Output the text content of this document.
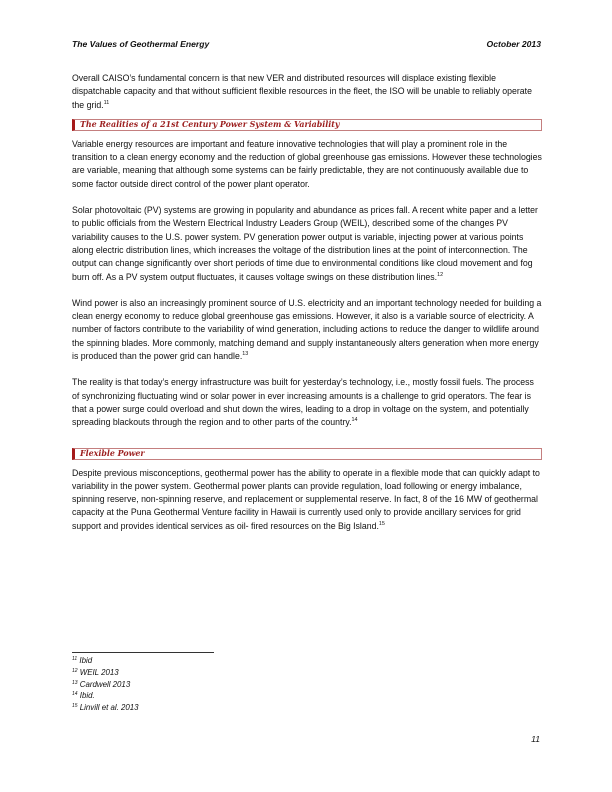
The Values of Geothermal Energy	October 2013

Overall CAISO’s fundamental concern is that new VER and distributed resources will displace existing flexible dispatchable capacity and that without sufficient flexible resources in the fleet, the ISO will be unable to reliably operate the grid.$^{11}$

The Realities of a 21st Century Power System & Variability

Variable energy resources are important and feature innovative technologies that will play a prominent role in the transition to a clean energy economy and the reduction of global greenhouse gas emissions. However these technologies are variable, meaning that although some systems can be fairly predictable, they are not continuously available due to some factor outside direct control of the power plant operator.

Solar photovoltaic (PV) systems are growing in popularity and abundance as prices fall. A recent white paper and a letter to public officials from the Western Electrical Industry Leaders Group (WEIL), described some of the changes PV variability causes to the U.S. power system. PV generation power output is variable, injecting power at various points along electric distribution lines, which increases the voltage of the distribution lines at the point of interconnection. The output can change significantly over short periods of time due to environmental conditions like cloud movement and fog burn off. As a PV system output fluctuates, it causes voltage swings on these distribution lines.$^{12}$

Wind power is also an increasingly prominent source of U.S. electricity and an important technology needed for building a clean energy economy to reduce global greenhouse gas emissions. However, it also is a variable source of electricity. A number of factors contribute to the variability of wind generation, including actions to reduce the danger to wildlife around the spinning blades. More commonly, matching demand and supply instantaneously alters generation when more energy is produced than the power grid can handle.$^{13}$

The reality is that today’s energy infrastructure was built for yesterday’s technology, i.e., mostly fossil fuels. The process of synchronizing fluctuating wind or solar power in ever increasing amounts is a challenge to grid operators. The fear is that a power surge could overload and shut down the wires, leading to a drop in voltage on the system, and potentially spreading blackouts through the region and to other parts of the country.$^{14}$

Flexible Power

Despite previous misconceptions, geothermal power has the ability to operate in a flexible mode that can quickly adapt to variability in the power system. Geothermal power plants can provide regulation, load following or energy imbalance, spinning reserve, non-spinning reserve, and replacement or supplemental reserve. In fact, 8 of the 16 MW of geothermal capacity at the Puna Geothermal Venture facility in Hawaii is currently used only to provide ancillary services for grid support and provides identical services as oil- fired resources on the Big Island.$^{15}$

$^{11}$ Ibid
$^{12}$ WEIL 2013
$^{13}$ Cardwell 2013
$^{14}$ Ibid.
$^{15}$ Linvill et al. 2013
11
